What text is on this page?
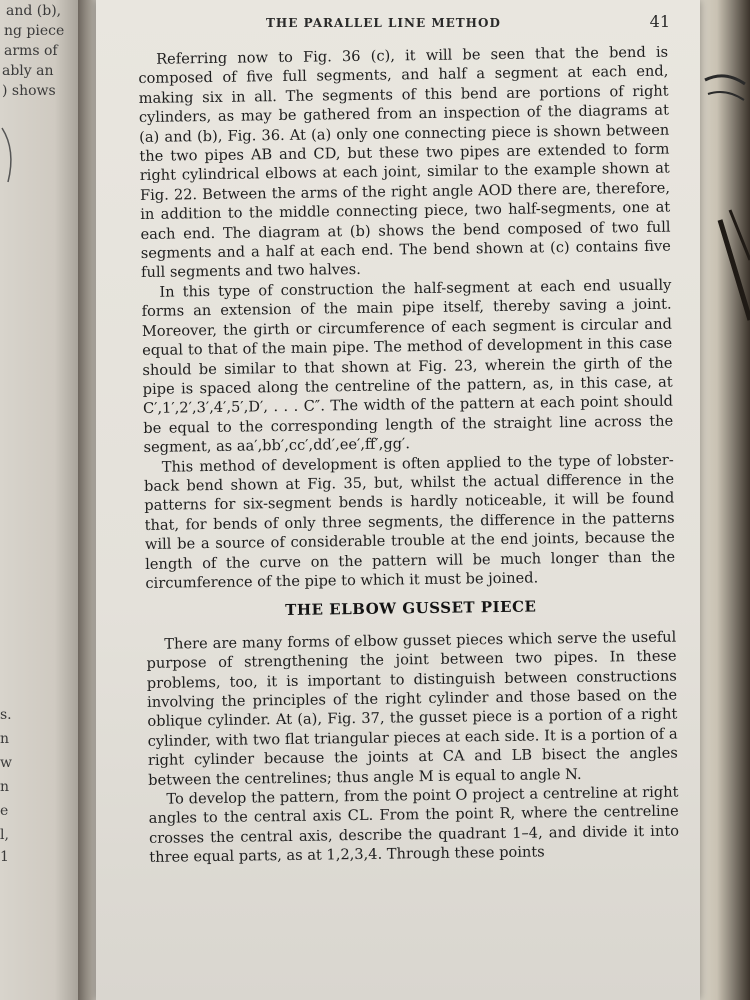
and (b),
ng piece
arms of
ably an
) shows
s.
n
w
n
e
l,
1
THE PARALLEL LINE METHOD	41

Referring now to Fig. 36 (c), it will be seen that the bend is composed of five full segments, and half a segment at each end, making six in all. The segments of this bend are portions of right cylinders, as may be gathered from an inspection of the diagrams at (a) and (b), Fig. 36. At (a) only one connecting piece is shown between the two pipes AB and CD, but these two pipes are extended to form right cylindrical elbows at each joint, similar to the example shown at Fig. 22. Between the arms of the right angle AOD there are, therefore, in addition to the middle connecting piece, two half-segments, one at each end. The diagram at (b) shows the bend composed of two full segments and a half at each end. The bend shown at (c) contains five full segments and two halves.

In this type of construction the half-segment at each end usually forms an extension of the main pipe itself, thereby saving a joint. Moreover, the girth or circumference of each segment is circular and equal to that of the main pipe. The method of development in this case should be similar to that shown at Fig. 23, wherein the girth of the pipe is spaced along the centreline of the pattern, as, in this case, at C′,1′,2′,3′,4′,5′,D′, . . . C″. The width of the pattern at each point should be equal to the corresponding length of the straight line across the segment, as aa′,bb′,cc′,dd′,ee′,ff′,gg′.

This method of development is often applied to the type of lobster-back bend shown at Fig. 35, but, whilst the actual difference in the patterns for six-segment bends is hardly noticeable, it will be found that, for bends of only three segments, the difference in the patterns will be a source of considerable trouble at the end joints, because the length of the curve on the pattern will be much longer than the circumference of the pipe to which it must be joined.

THE ELBOW GUSSET PIECE

There are many forms of elbow gusset pieces which serve the useful purpose of strengthening the joint between two pipes. In these problems, too, it is important to distinguish between constructions involving the principles of the right cylinder and those based on the oblique cylinder. At (a), Fig. 37, the gusset piece is a portion of a right cylinder, with two flat triangular pieces at each side. It is a portion of a right cylinder because the joints at CA and LB bisect the angles between the centrelines; thus angle M is equal to angle N.

To develop the pattern, from the point O project a centreline at right angles to the central axis CL. From the point R, where the centreline crosses the central axis, describe the quadrant 1–4, and divide it into three equal parts, as at 1,2,3,4. Through these points
